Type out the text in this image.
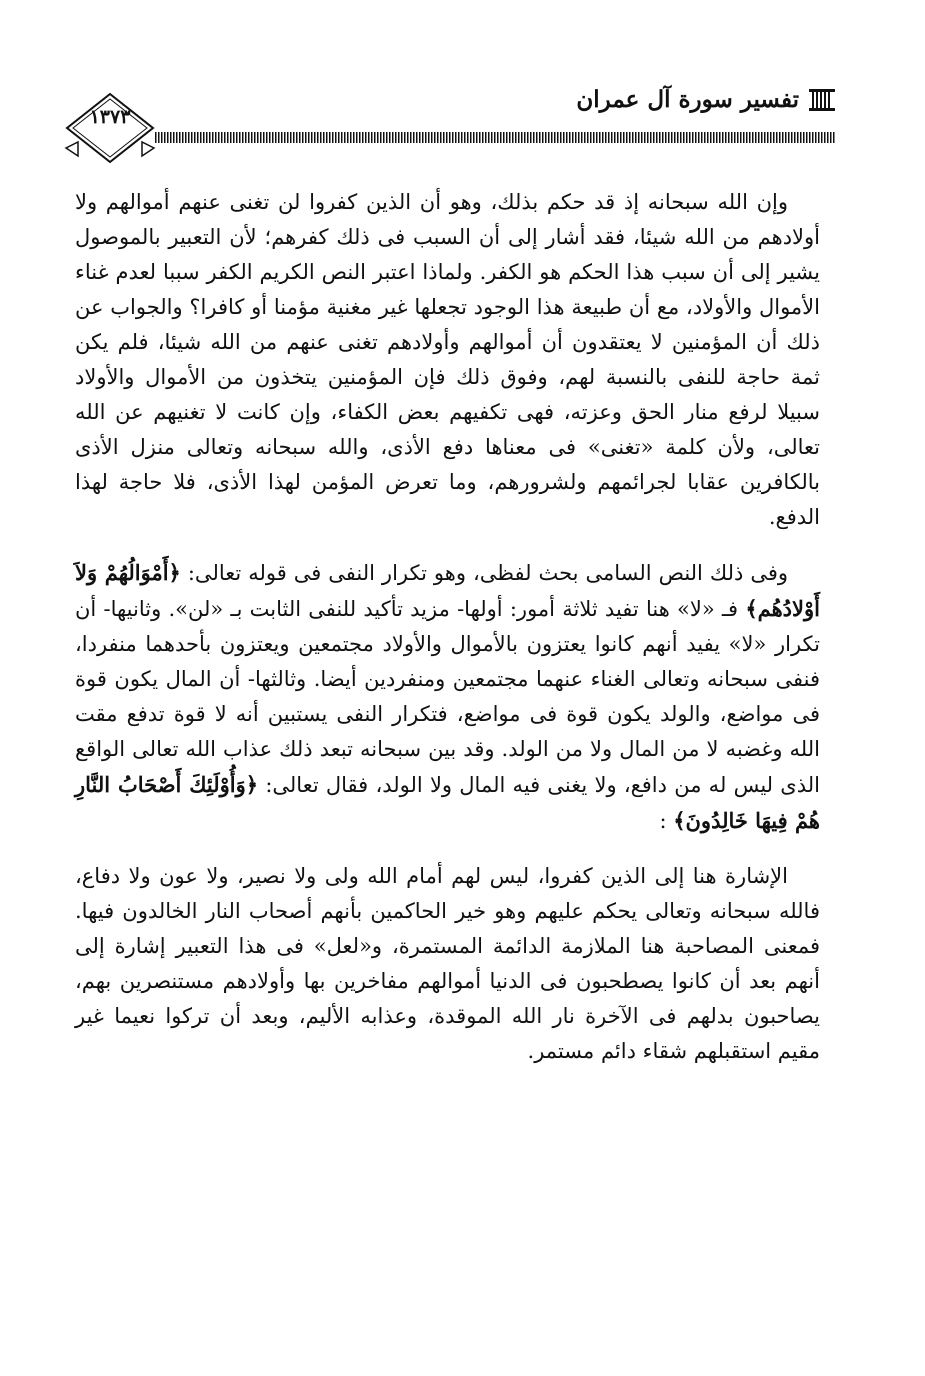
١٣٧٣
تفسير سورة آل عمران

وإن الله سبحانه إذ قد حكم بذلك، وهو أن الذين كفروا لن تغنى عنهم أموالهم ولا أولادهم من الله شيئا، فقد أشار إلى أن السبب فى ذلك كفرهم؛ لأن التعبير بالموصول يشير إلى أن سبب هذا الحكم هو الكفر. ولماذا اعتبر النص الكريم الكفر سببا لعدم غناء الأموال والأولاد، مع أن طبيعة هذا الوجود تجعلها غير مغنية مؤمنا أو كافرا؟ والجواب عن ذلك أن المؤمنين لا يعتقدون أن أموالهم وأولادهم تغنى عنهم من الله شيئا، فلم يكن ثمة حاجة للنفى بالنسبة لهم، وفوق ذلك فإن المؤمنين يتخذون من الأموال والأولاد سبيلا لرفع منار الحق وعزته، فهى تكفيهم بعض الكفاء، وإن كانت لا تغنيهم عن الله تعالى، ولأن كلمة «تغنى» فى معناها دفع الأذى، والله سبحانه وتعالى منزل الأذى بالكافرين عقابا لجرائمهم ولشرورهم، وما تعرض المؤمن لهذا الأذى، فلا حاجة لهذا الدفع.

وفى ذلك النص السامى بحث لفظى، وهو تكرار النفى فى قوله تعالى: ﴿أَمْوَالُهُمْ وَلاَ أَوْلادُهُم﴾ فـ «لا» هنا تفيد ثلاثة أمور: أولها- مزيد تأكيد للنفى الثابت بـ «لن». وثانيها- أن تكرار «لا» يفيد أنهم كانوا يعتزون بالأموال والأولاد مجتمعين ويعتزون بأحدهما منفردا، فنفى سبحانه وتعالى الغناء عنهما مجتمعين ومنفردين أيضا. وثالثها- أن المال يكون قوة فى مواضع، والولد يكون قوة فى مواضع، فتكرار النفى يستبين أنه لا قوة تدفع مقت الله وغضبه لا من المال ولا من الولد. وقد بين سبحانه تبعد ذلك عذاب الله تعالى الواقع الذى ليس له من دافع، ولا يغنى فيه المال ولا الولد، فقال تعالى: ﴿وَأُوْلَئِكَ أَصْحَابُ النَّارِ هُمْ فِيهَا خَالِدُونَ﴾ :

الإشارة هنا إلى الذين كفروا، ليس لهم أمام الله ولى ولا نصير، ولا عون ولا دفاع، فالله سبحانه وتعالى يحكم عليهم وهو خير الحاكمين بأنهم أصحاب النار الخالدون فيها. فمعنى المصاحبة هنا الملازمة الدائمة المستمرة، و«لعل» فى هذا التعبير إشارة إلى أنهم بعد أن كانوا يصطحبون فى الدنيا أموالهم مفاخرين بها وأولادهم مستنصرين بهم، يصاحبون بدلهم فى الآخرة نار الله الموقدة، وعذابه الأليم، وبعد أن تركوا نعيما غير مقيم استقبلهم شقاء دائم مستمر.
